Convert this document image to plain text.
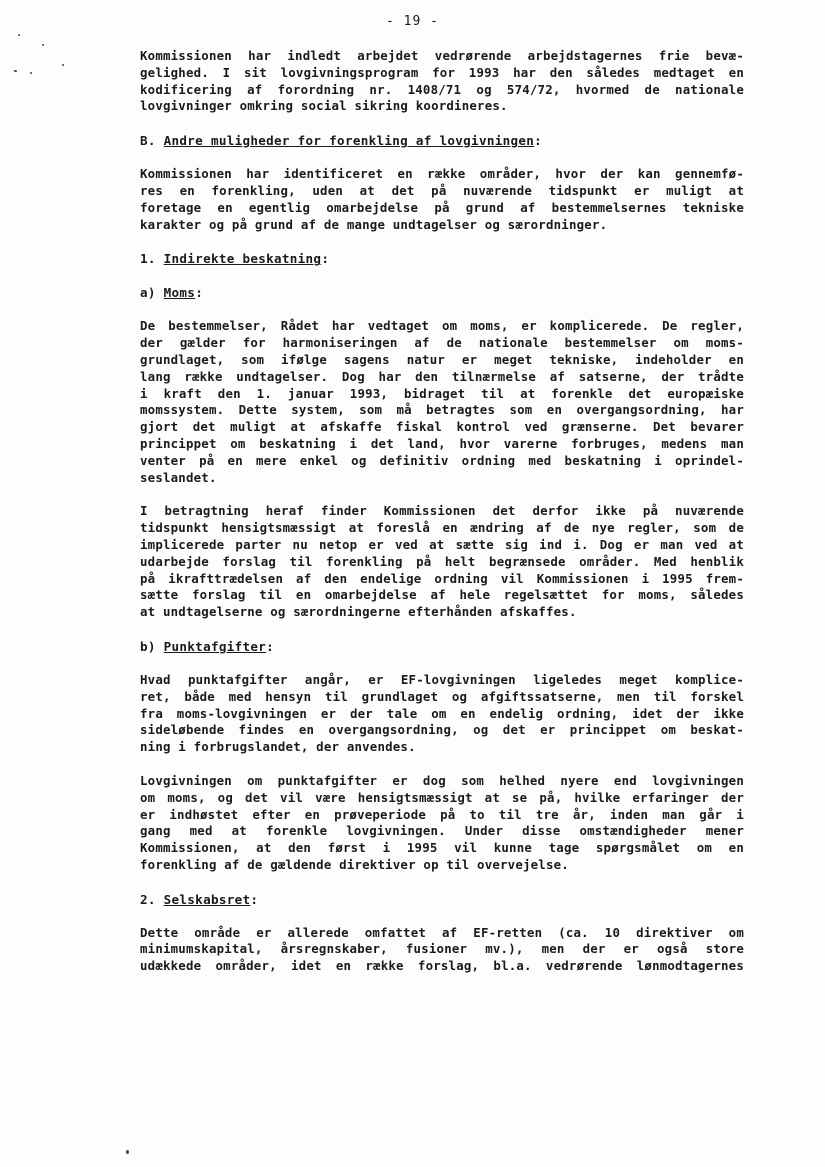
- 19 -
Kommissionen har indledt arbejdet vedrørende arbejdstagernes frie bevæ-
gelighed. I sit lovgivningsprogram for 1993 har den således medtaget en
kodificering af forordning nr. 1408/71 og 574/72, hvormed de nationale
lovgivninger omkring social sikring koordineres.
B. Andre muligheder for forenkling af lovgivningen:
Kommissionen har identificeret en række områder, hvor der kan gennemfø-
res en forenkling, uden at det på nuværende tidspunkt er muligt at
foretage en egentlig omarbejdelse på grund af bestemmelsernes tekniske
karakter og på grund af de mange undtagelser og særordninger.
1. Indirekte beskatning:
a) Moms:
De bestemmelser, Rådet har vedtaget om moms, er komplicerede. De regler,
der gælder for harmoniseringen af de nationale bestemmelser om moms-
grundlaget, som ifølge sagens natur er meget tekniske, indeholder en
lang række undtagelser. Dog har den tilnærmelse af satserne, der trådte
i kraft den 1. januar 1993, bidraget til at forenkle det europæiske
momssystem. Dette system, som må betragtes som en overgangsordning, har
gjort det muligt at afskaffe fiskal kontrol ved grænserne. Det bevarer
princippet om beskatning i det land, hvor varerne forbruges, medens man
venter på en mere enkel og definitiv ordning med beskatning i oprindel-
seslandet.
I betragtning heraf finder Kommissionen det derfor ikke på nuværende
tidspunkt hensigtsmæssigt at foreslå en ændring af de nye regler, som de
implicerede parter nu netop er ved at sætte sig ind i. Dog er man ved at
udarbejde forslag til forenkling på helt begrænsede områder. Med henblik
på ikrafttrædelsen af den endelige ordning vil Kommissionen i 1995 frem-
sætte forslag til en omarbejdelse af hele regelsættet for moms, således
at undtagelserne og særordningerne efterhånden afskaffes.
b) Punktafgifter:
Hvad punktafgifter angår, er EF-lovgivningen ligeledes meget komplice-
ret, både med hensyn til grundlaget og afgiftssatserne, men til forskel
fra moms-lovgivningen er der tale om en endelig ordning, idet der ikke
sideløbende findes en overgangsordning, og det er princippet om beskat-
ning i forbrugslandet, der anvendes.
Lovgivningen om punktafgifter er dog som helhed nyere end lovgivningen
om moms, og det vil være hensigtsmæssigt at se på, hvilke erfaringer der
er indhøstet efter en prøveperiode på to til tre år, inden man går i
gang med at forenkle lovgivningen. Under disse omstændigheder mener
Kommissionen, at den først i 1995 vil kunne tage spørgsmålet om en
forenkling af de gældende direktiver op til overvejelse.
2. Selskabsret:
Dette område er allerede omfattet af EF-retten (ca. 10 direktiver om
minimumskapital, årsregnskaber, fusioner mv.), men der er også store
udækkede områder, idet en række forslag, bl.a. vedrørende lønmodtagernes
